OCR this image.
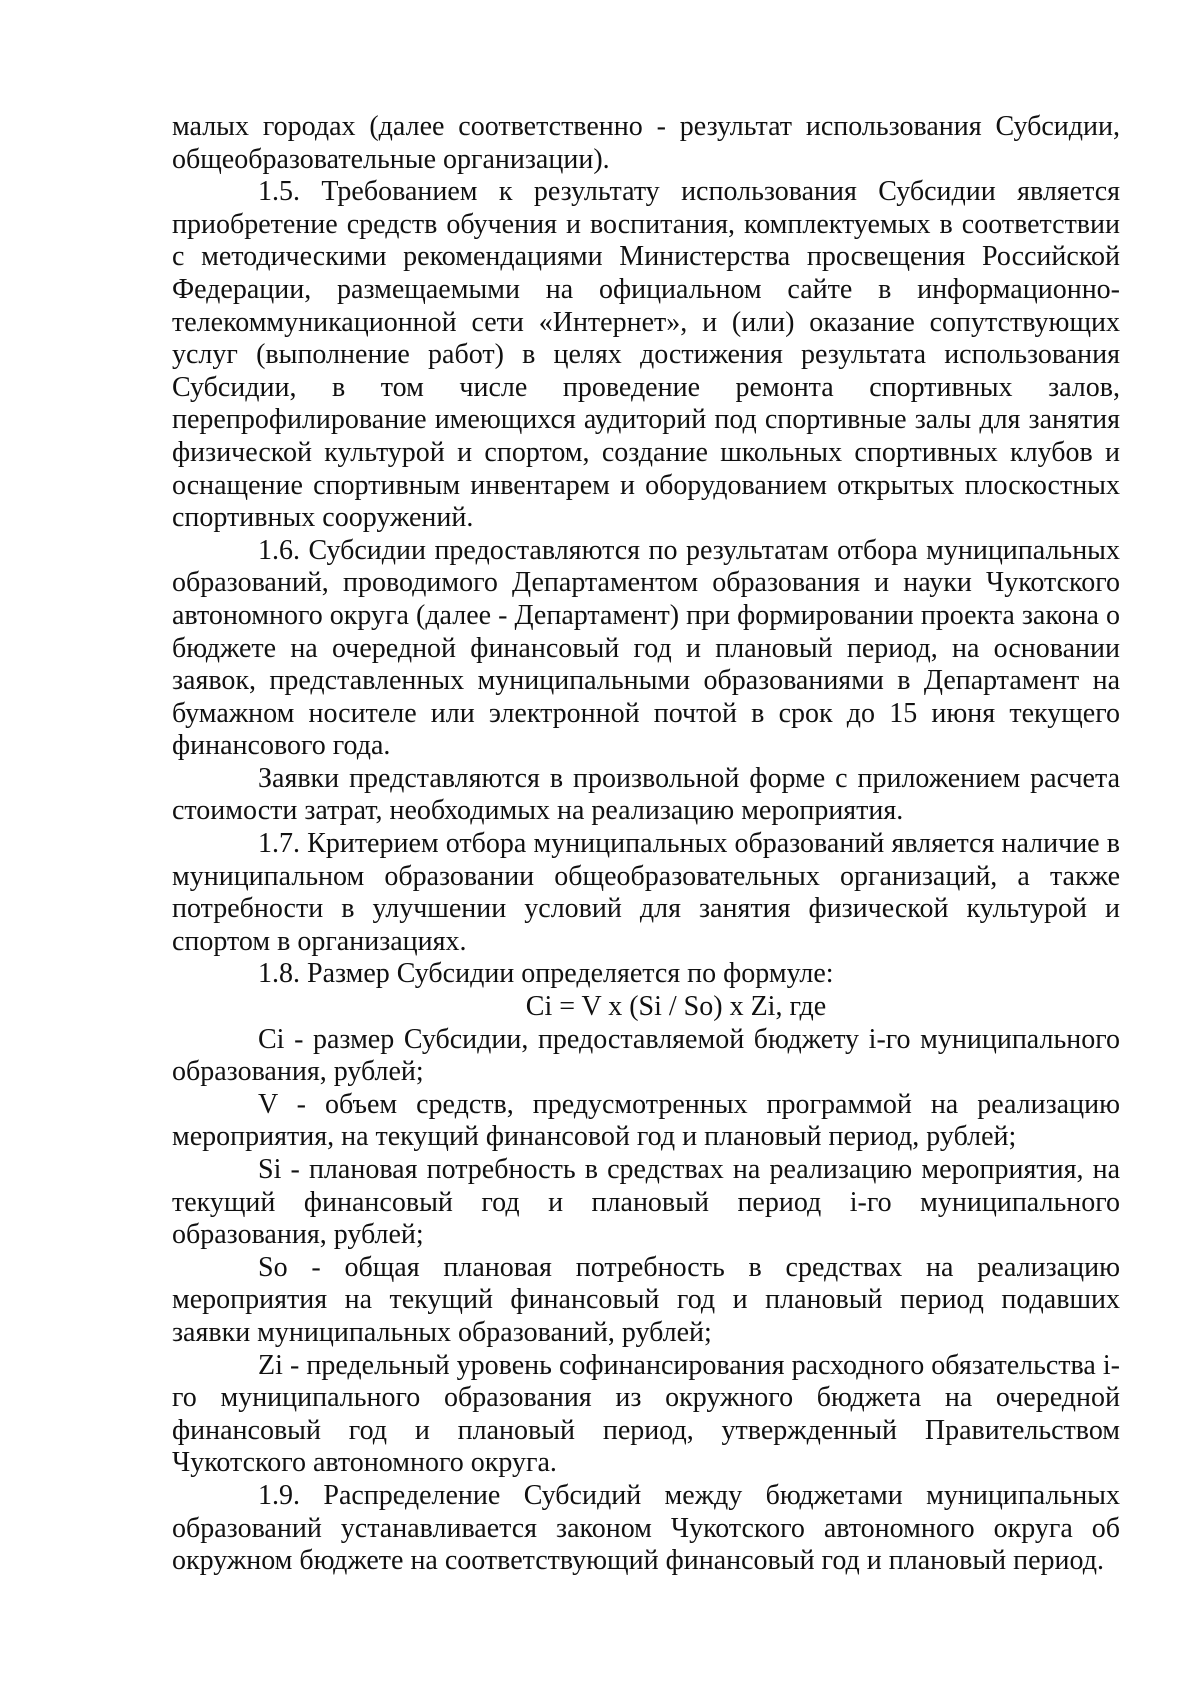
малых городах (далее соответственно - результат использования Субсидии, общеобразовательные организации).

1.5. Требованием к результату использования Субсидии является приобретение средств обучения и воспитания, комплектуемых в соответствии с методическими рекомендациями Министерства просвещения Российской Федерации, размещаемыми на официальном сайте в информационно-телекоммуникационной сети «Интернет», и (или) оказание сопутствующих услуг (выполнение работ) в целях достижения результата использования Субсидии, в том числе проведение ремонта спортивных залов, перепрофилирование имеющихся аудиторий под спортивные залы для занятия физической культурой и спортом, создание школьных спортивных клубов и оснащение спортивным инвентарем и оборудованием открытых плоскостных спортивных сооружений.

1.6. Субсидии предоставляются по результатам отбора муниципальных образований, проводимого Департаментом образования и науки Чукотского автономного округа (далее - Департамент) при формировании проекта закона о бюджете на очередной финансовый год и плановый период, на основании заявок, представленных муниципальными образованиями в Департамент на бумажном носителе или электронной почтой в срок до 15 июня текущего финансового года.

Заявки представляются в произвольной форме с приложением расчета стоимости затрат, необходимых на реализацию мероприятия.

1.7. Критерием отбора муниципальных образований является наличие в муниципальном образовании общеобразовательных организаций, а также потребности в улучшении условий для занятия физической культурой и спортом в организациях.

1.8. Размер Субсидии определяется по формуле:

Ci = V x (Si / So) x Zi, где

Ci - размер Субсидии, предоставляемой бюджету i-го муниципального образования, рублей;

V - объем средств, предусмотренных программой на реализацию мероприятия, на текущий финансовой год и плановый период, рублей;

Si - плановая потребность в средствах на реализацию мероприятия, на текущий финансовый год и плановый период i-го муниципального образования, рублей;

So - общая плановая потребность в средствах на реализацию мероприятия на текущий финансовый год и плановый период подавших заявки муниципальных образований, рублей;

Zi - предельный уровень софинансирования расходного обязательства i-го муниципального образования из окружного бюджета на очередной финансовый год и плановый период, утвержденный Правительством Чукотского автономного округа.

1.9. Распределение Субсидий между бюджетами муниципальных образований устанавливается законом Чукотского автономного округа об окружном бюджете на соответствующий финансовый год и плановый период.
